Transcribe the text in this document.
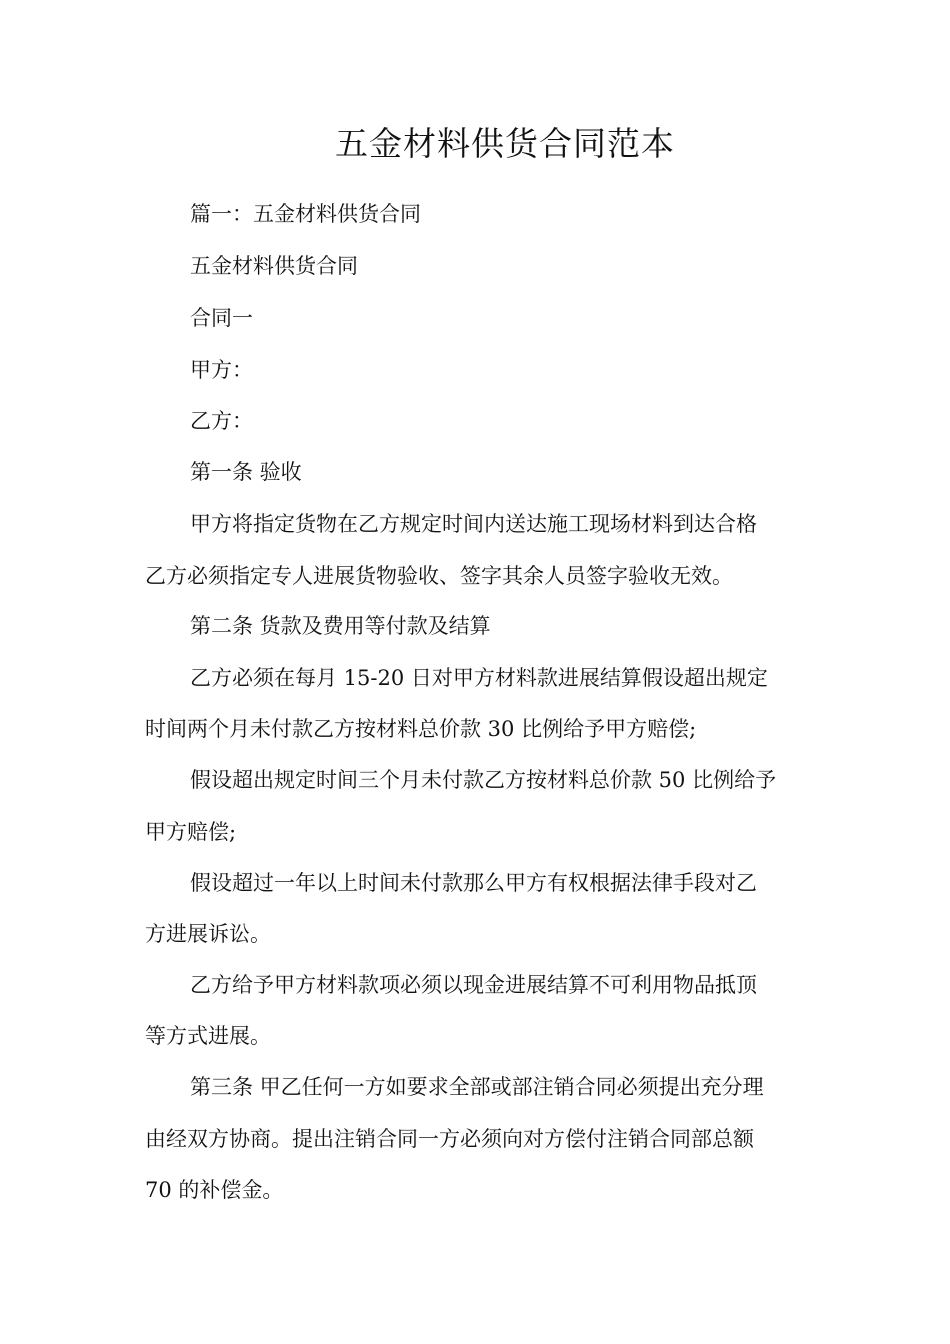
五金材料供货合同范本

篇一：五金材料供货合同

五金材料供货合同

合同一

甲方：

乙方：

第一条 验收

甲方将指定货物在乙方规定时间内送达施工现场材料到达合格

乙方必须指定专人进展货物验收、签字其余人员签字验收无效。

第二条 货款及费用等付款及结算

乙方必须在每月 15-20 日对甲方材料款进展结算假设超出规定

时间两个月未付款乙方按材料总价款 30 比例给予甲方赔偿;

假设超出规定时间三个月未付款乙方按材料总价款 50 比例给予

甲方赔偿;

假设超过一年以上时间未付款那么甲方有权根据法律手段对乙

方进展诉讼。

乙方给予甲方材料款项必须以现金进展结算不可利用物品抵顶

等方式进展。

第三条 甲乙任何一方如要求全部或部注销合同必须提出充分理

由经双方协商。提出注销合同一方必须向对方偿付注销合同部总额

70 的补偿金。
